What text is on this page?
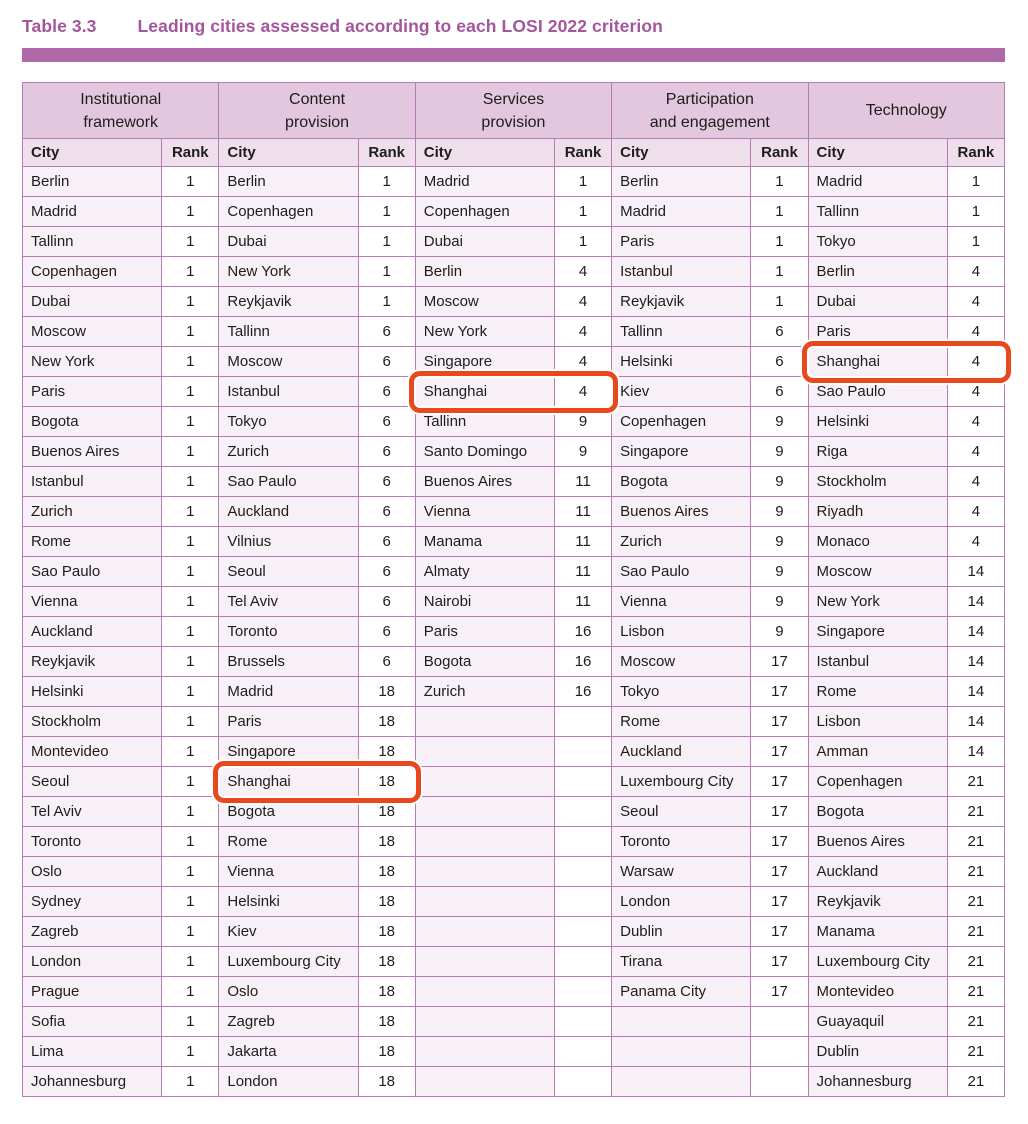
Table 3.3 Leading cities assessed according to each LOSI 2022 criterion
Institutional
framework

Content
provision

Services
provision

Participation
and engagement

Technology

City	Rank	City	Rank	City	Rank	City	Rank	City	Rank
Berlin	1	Berlin	1	Madrid	1	Berlin	1	Madrid	1
Madrid	1	Copenhagen	1	Copenhagen	1	Madrid	1	Tallinn	1
Tallinn	1	Dubai	1	Dubai	1	Paris	1	Tokyo	1
Copenhagen	1	New York	1	Berlin	4	Istanbul	1	Berlin	4
Dubai	1	Reykjavik	1	Moscow	4	Reykjavik	1	Dubai	4
Moscow	1	Tallinn	6	New York	4	Tallinn	6	Paris	4
New York	1	Moscow	6	Singapore	4	Helsinki	6	Shanghai	4
Paris	1	Istanbul	6	Shanghai	4	Kiev	6	Sao Paulo	4
Bogota	1	Tokyo	6	Tallinn	9	Copenhagen	9	Helsinki	4
Buenos Aires	1	Zurich	6	Santo Domingo	9	Singapore	9	Riga	4
Istanbul	1	Sao Paulo	6	Buenos Aires	11	Bogota	9	Stockholm	4
Zurich	1	Auckland	6	Vienna	11	Buenos Aires	9	Riyadh	4
Rome	1	Vilnius	6	Manama	11	Zurich	9	Monaco	4
Sao Paulo	1	Seoul	6	Almaty	11	Sao Paulo	9	Moscow	14
Vienna	1	Tel Aviv	6	Nairobi	11	Vienna	9	New York	14
Auckland	1	Toronto	6	Paris	16	Lisbon	9	Singapore	14
Reykjavik	1	Brussels	6	Bogota	16	Moscow	17	Istanbul	14
Helsinki	1	Madrid	18	Zurich	16	Tokyo	17	Rome	14
Stockholm	1	Paris	18			Rome	17	Lisbon	14
Montevideo	1	Singapore	18			Auckland	17	Amman	14
Seoul	1	Shanghai	18			Luxembourg City	17	Copenhagen	21
Tel Aviv	1	Bogota	18			Seoul	17	Bogota	21
Toronto	1	Rome	18			Toronto	17	Buenos Aires	21
Oslo	1	Vienna	18			Warsaw	17	Auckland	21
Sydney	1	Helsinki	18			London	17	Reykjavik	21
Zagreb	1	Kiev	18			Dublin	17	Manama	21
London	1	Luxembourg City	18			Tirana	17	Luxembourg City	21
Prague	1	Oslo	18			Panama City	17	Montevideo	21
Sofia	1	Zagreb	18					Guayaquil	21
Lima	1	Jakarta	18					Dublin	21
Johannesburg	1	London	18					Johannesburg	21
